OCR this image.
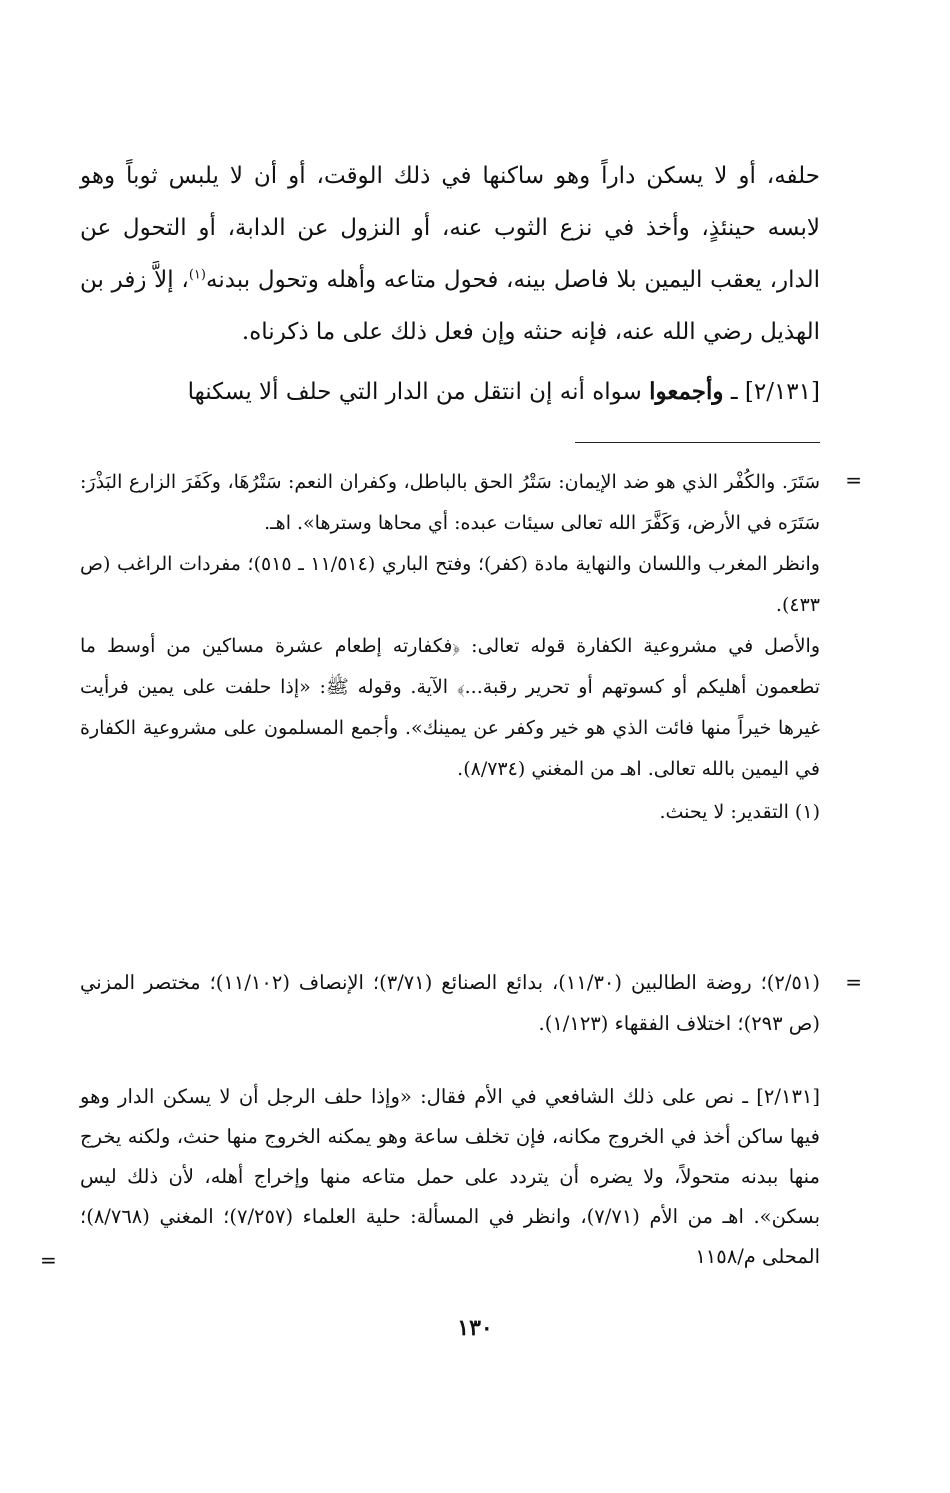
حلفه، أو لا يسكن داراً وهو ساكنها في ذلك الوقت، أو أن لا يلبس ثوباً وهو لابسه حينئذٍ، وأخذ في نزع الثوب عنه، أو النزول عن الدابة، أو التحول عن الدار، يعقب اليمين بلا فاصل بينه، فحول متاعه وأهله وتحول ببدنه$^{(١)}$، إلاَّ زفر بن الهذيل رضي الله عنه، فإنه حنثه وإن فعل ذلك على ما ذكرناه.

[٢/١٣١] ـ وأجمعوا سواه أنه إن انتقل من الدار التي حلف ألا يسكنها

=

سَتَرَ. والكُفْر الذي هو ضد الإيمان: سَتْرُ الحق بالباطل، وكفران النعم: سَتْرُهَا، وكَفَرَ الزارع البَذْرَ: سَتَرَه في الأرض، وَكَفَّرَ الله تعالى سيئات عبده: أي محاها وسترها». اهـ.

وانظر المغرب واللسان والنهاية مادة (كفر)؛ وفتح الباري (١١/٥١٤ ـ ٥١٥)؛ مفردات الراغب (ص ٤٣٣).

والأصل في مشروعية الكفارة قوله تعالى: ﴿فكفارته إطعام عشرة مساكين من أوسط ما تطعمون أهليكم أو كسوتهم أو تحرير رقبة...﴾ الآية. وقوله ﷺ: «إذا حلفت على يمين فرأيت غيرها خيراً منها فائت الذي هو خير وكفر عن يمينك». وأجمع المسلمون على مشروعية الكفارة في اليمين بالله تعالى. اهـ من المغني (٨/٧٣٤).

(١) التقدير: لا يحنث.

=

(٢/٥١)؛ روضة الطالبين (١١/٣٠)، بدائع الصنائع (٣/٧١)؛ الإنصاف (١١/١٠٢)؛ مختصر المزني (ص ٢٩٣)؛ اختلاف الفقهاء (١/١٢٣).

[٢/١٣١] ـ نص على ذلك الشافعي في الأم فقال: «وإذا حلف الرجل أن لا يسكن الدار وهو فيها ساكن أخذ في الخروج مكانه، فإن تخلف ساعة وهو يمكنه الخروج منها حنث، ولكنه يخرج منها ببدنه متحولاً، ولا يضره أن يتردد على حمل متاعه منها وإخراج أهله، لأن ذلك ليس بسكن». اهـ من الأم (٧/٧١)، وانظر في المسألة: حلية العلماء (٧/٢٥٧)؛ المغني (٨/٧٦٨)؛ المحلى م/١١٥٨

=
١٣٠
